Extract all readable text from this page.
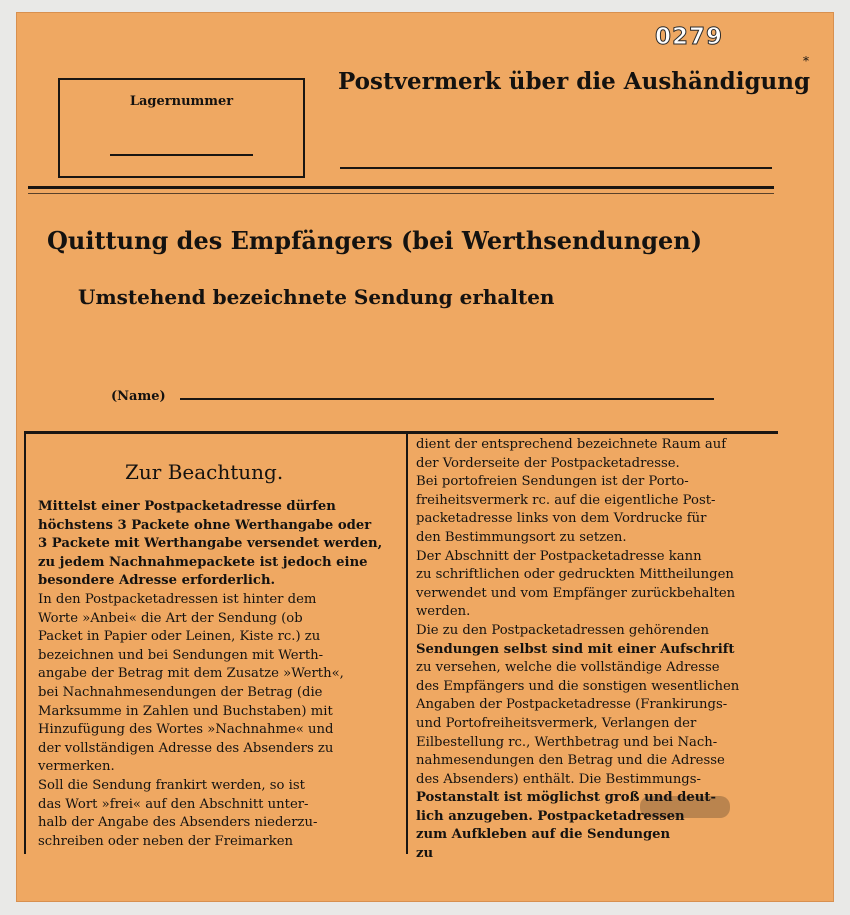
0279
*
Lagernummer
Postvermerk über die Aushändigung
Quittung des Empfängers (bei Werthsendungen)
Umstehend bezeichnete Sendung erhalten
(Name)
Zur Beachtung.

Mittelst einer Postpacketadresse dürfen

höchstens 3 Packete ohne Werthangabe oder

3 Packete mit Werthangabe versendet werden,

zu jedem Nachnahmepackete ist jedoch eine

besondere Adresse erforderlich.

In den Postpacketadressen ist hinter dem

Worte »Anbei« die Art der Sendung (ob

Packet in Papier oder Leinen, Kiste rc.) zu

bezeichnen und bei Sendungen mit Werth-

angabe der Betrag mit dem Zusatze »Werth«,

bei Nachnahmesendungen der Betrag (die

Marksumme in Zahlen und Buchstaben) mit

Hinzufügung des Wortes »Nachnahme« und

der vollständigen Adresse des Absenders zu

vermerken.

Soll die Sendung frankirt werden, so ist

das Wort »frei« auf den Abschnitt unter-

halb der Angabe des Absenders niederzu-

schreiben oder neben der Freimarken

dient der entsprechend bezeichnete Raum auf

der Vorderseite der Postpacketadresse.

Bei portofreien Sendungen ist der Porto-

freiheitsvermerk rc. auf die eigentliche Post-

packetadresse links von dem Vordrucke für

den Bestimmungsort zu setzen.

Der Abschnitt der Postpacketadresse kann

zu schriftlichen oder gedruckten Mittheilungen

verwendet und vom Empfänger zurückbehalten

werden.

Die zu den Postpacketadressen gehörenden

Sendungen selbst sind mit einer Aufschrift

zu versehen, welche die vollständige Adresse

des Empfängers und die sonstigen wesentlichen

Angaben der Postpacketadresse (Frankirungs-

und Portofreiheitsvermerk, Verlangen der

Eilbestellung rc., Werthbetrag und bei Nach-

nahmesendungen den Betrag und die Adresse

des Absenders) enthält. Die Bestimmungs-

Postanstalt ist möglichst groß und deut-

lich anzugeben. Postpacketadressen

zum Aufkleben auf die Sendungen

zu
